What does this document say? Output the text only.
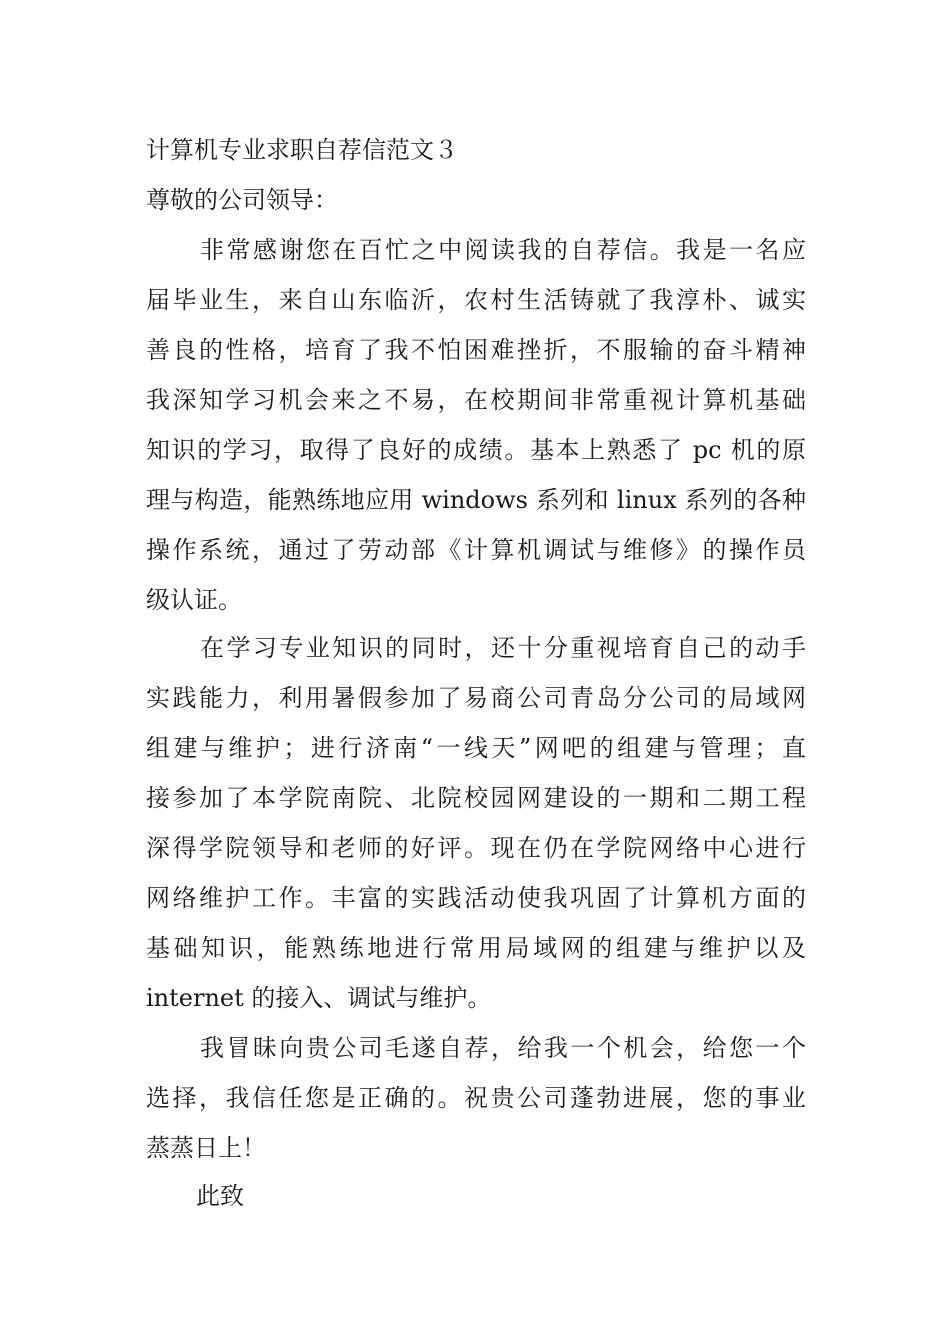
计算机专业求职自荐信范文３
尊敬的公司领导：
非常感谢您在百忙之中阅读我的自荐信。我是一名应
届毕业生，来自山东临沂，农村生活铸就了我淳朴、诚实
善良的性格，培育了我不怕困难挫折，不服输的奋斗精神
我深知学习机会来之不易，在校期间非常重视计算机基础
知识的学习，取得了良好的成绩。基本上熟悉了 pc 机的原
理与构造，能熟练地应用 windows 系列和 linux 系列的各种
操作系统，通过了劳动部《计算机调试与维修》的操作员
级认证。
在学习专业知识的同时，还十分重视培育自己的动手
实践能力，利用暑假参加了易商公司青岛分公司的局域网
组建与维护；进行济南“一线天”网吧的组建与管理；直
接参加了本学院南院、北院校园网建设的一期和二期工程
深得学院领导和老师的好评。现在仍在学院网络中心进行
网络维护工作。丰富的实践活动使我巩固了计算机方面的
基础知识，能熟练地进行常用局域网的组建与维护以及
internet 的接入、调试与维护。
我冒昧向贵公司毛遂自荐，给我一个机会，给您一个
选择，我信任您是正确的。祝贵公司蓬勃进展，您的事业
蒸蒸日上！
此致
